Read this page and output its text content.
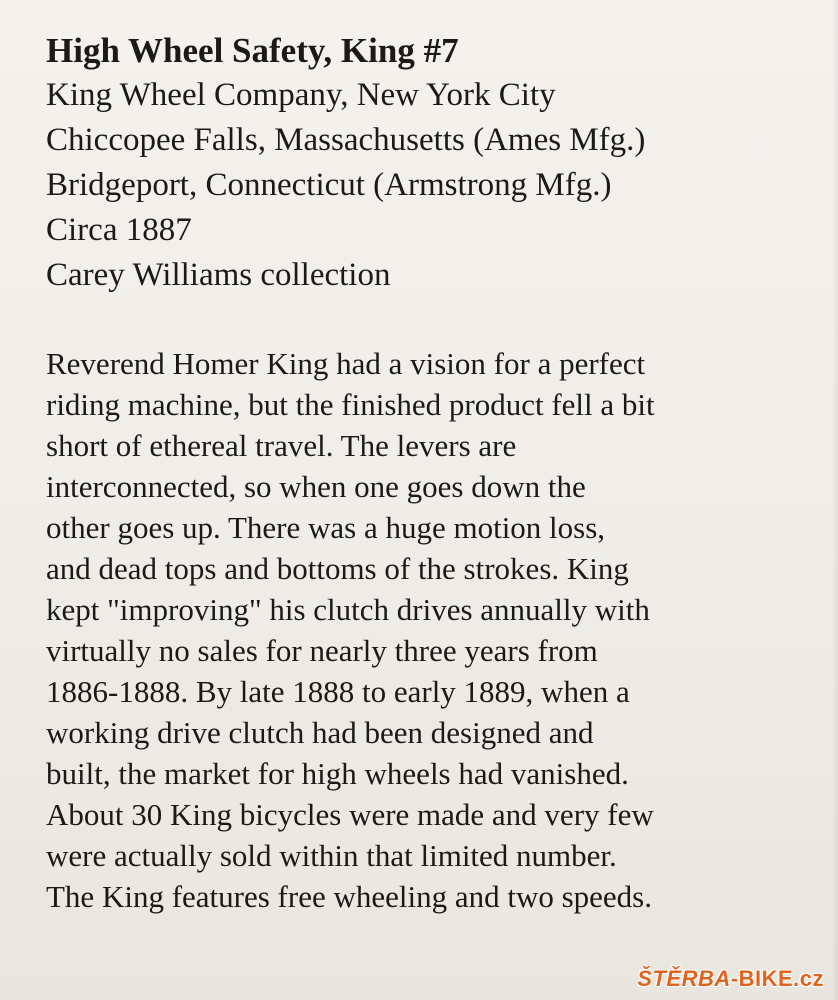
High Wheel Safety, King #7

King Wheel Company, New York City

Chiccopee Falls, Massachusetts (Ames Mfg.)

Bridgeport, Connecticut (Armstrong Mfg.)

Circa 1887

Carey Williams collection

Reverend Homer King had a vision for a perfect

riding machine, but the finished product fell a bit

short of ethereal travel. The levers are

interconnected, so when one goes down the

other goes up. There was a huge motion loss,

and dead tops and bottoms of the strokes. King

kept "improving" his clutch drives annually with

virtually no sales for nearly three years from

1886-1888. By late 1888 to early 1889, when a

working drive clutch had been designed and

built, the market for high wheels had vanished.

About 30 King bicycles were made and very few

were actually sold within that limited number.

The King features free wheeling and two speeds.

ŠTĚRBA-BIKE.cz
